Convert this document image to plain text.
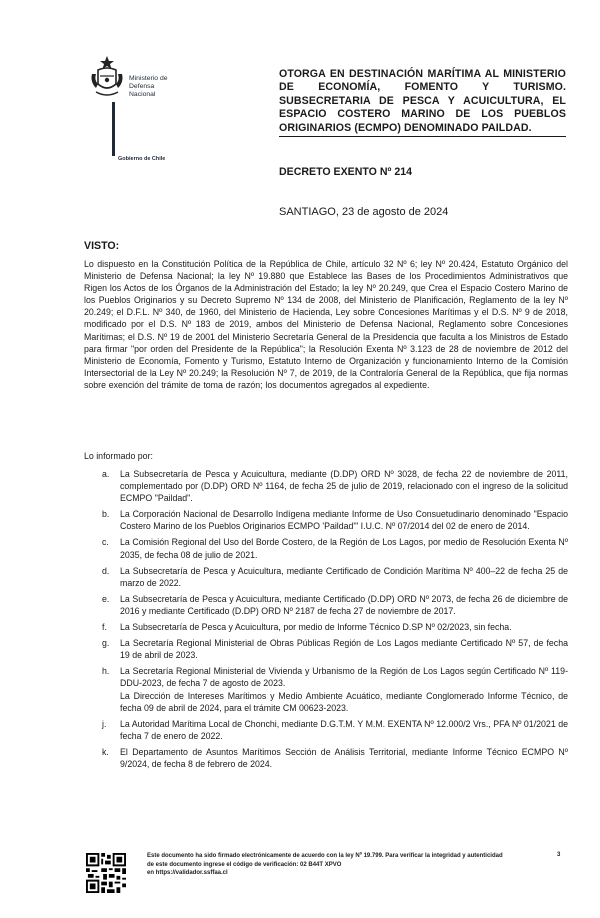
Ministerio de
Defensa
Nacional
Gobierno de Chile
OTORGA EN DESTINACIÓN MARÍTIMA AL MINISTERIO DE ECONOMÍA, FOMENTO Y TURISMO. SUBSECRETARIA DE PESCA Y ACUICULTURA, EL ESPACIO COSTERO MARINO DE LOS PUEBLOS ORIGINARIOS (ECMPO) DENOMINADO PAILDAD.
DECRETO EXENTO Nº 214
SANTIAGO, 23 de agosto de 2024
VISTO:
Lo dispuesto en la Constitución Política de la República de Chile, artículo 32 Nº 6; ley Nº 20.424, Estatuto Orgánico del Ministerio de Defensa Nacional; la ley Nº 19.880 que Establece las Bases de los Procedimientos Administrativos que Rigen los Actos de los Órganos de la Administración del Estado; la ley Nº 20.249, que Crea el Espacio Costero Marino de los Pueblos Originarios y su Decreto Supremo Nº 134 de 2008, del Ministerio de Planificación, Reglamento de la ley Nº 20.249; el D.F.L. Nº 340, de 1960, del Ministerio de Hacienda, Ley sobre Concesiones Marítimas y el D.S. Nº 9 de 2018, modificado por el D.S. Nº 183 de 2019, ambos del Ministerio de Defensa Nacional, Reglamento sobre Concesiones Marítimas; el D.S. Nº 19 de 2001 del Ministerio Secretaría General de la Presidencia que faculta a los Ministros de Estado para firmar "por orden del Presidente de la República"; la Resolución Exenta Nº 3.123 de 28 de noviembre de 2012 del Ministerio de Economía, Fomento y Turismo, Estatuto Interno de Organización y funcionamiento Interno de la Comisión Intersectorial de la Ley Nº 20.249; la Resolución Nº 7, de 2019, de la Contraloría General de la República, que fija normas sobre exención del trámite de toma de razón; los documentos agregados al expediente.
Lo informado por:
a. La Subsecretaría de Pesca y Acuicultura, mediante (D.DP) ORD Nº 3028, de fecha 22 de noviembre de 2011, complementado por (D.DP) ORD Nº 1164, de fecha 25 de julio de 2019, relacionado con el ingreso de la solicitud ECMPO "Paildad".
b. La Corporación Nacional de Desarrollo Indígena mediante Informe de Uso Consuetudinario denominado "Espacio Costero Marino de los Pueblos Originarios ECMPO 'Paildad'" I.U.C. Nº 07/2014 del 02 de enero de 2014.
c. La Comisión Regional del Uso del Borde Costero, de la Región de Los Lagos, por medio de Resolución Exenta Nº 2035, de fecha 08 de julio de 2021.
d. La Subsecretaría de Pesca y Acuicultura, mediante Certificado de Condición Marítima Nº 400–22 de fecha 25 de marzo de 2022.
e. La Subsecretaría de Pesca y Acuicultura, mediante Certificado (D.DP) ORD Nº 2073, de fecha 26 de diciembre de 2016 y mediante Certificado (D.DP) ORD Nº 2187 de fecha 27 de noviembre de 2017.
f. La Subsecretaría de Pesca y Acuicultura, por medio de Informe Técnico D.SP Nº 02/2023, sin fecha.
g. La Secretaría Regional Ministerial de Obras Públicas Región de Los Lagos mediante Certificado Nº 57, de fecha 19 de abril de 2023.
h. La Secretaría Regional Ministerial de Vivienda y Urbanismo de la Región de Los Lagos según Certificado Nº 119-DDU-2023, de fecha 7 de agosto de 2023.
La Dirección de Intereses Marítimos y Medio Ambiente Acuático, mediante Conglomerado Informe Técnico, de fecha 09 de abril de 2024, para el trámite CM 00623-2023.
j. La Autoridad Marítima Local de Chonchi, mediante D.G.T.M. Y M.M. EXENTA Nº 12.000/2 Vrs., PFA Nº 01/2021 de fecha 7 de enero de 2022.
k. El Departamento de Asuntos Marítimos Sección de Análisis Territorial, mediante Informe Técnico ECMPO Nº 9/2024, de fecha 8 de febrero de 2024.
Este documento ha sido firmado electrónicamente de acuerdo con la ley Nº 19.799. Para verificar la integridad y autenticidad
de este documento ingrese el código de verificación: 02 B44T XPVO
en https://validador.ssffaa.cl
3
